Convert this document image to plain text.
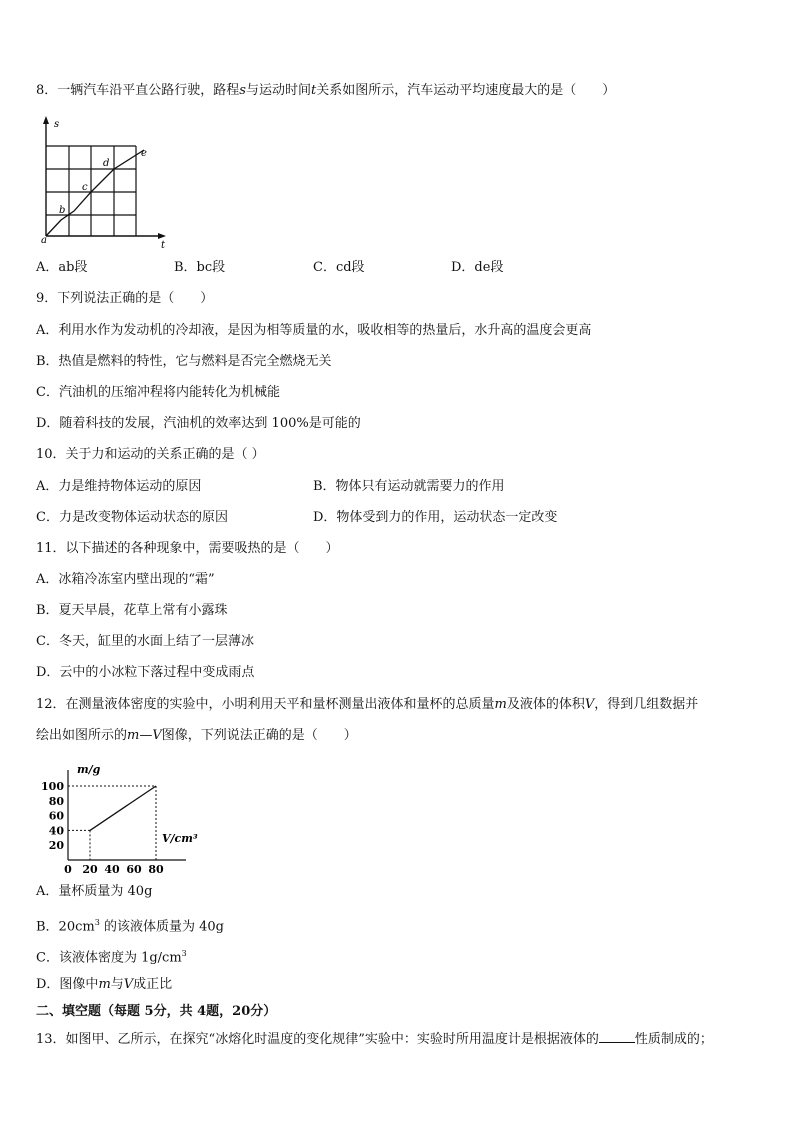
8．一辆汽车沿平直公路行驶，路程s与运动时间t关系如图所示，汽车运动平均速度最大的是（　　）
s
t
a
b
c
d
e
A．ab段	B．bc段	C．cd段	D．de段
9．下列说法正确的是（　　）
A．利用水作为发动机的冷却液，是因为相等质量的水，吸收相等的热量后，水升高的温度会更高
B．热值是燃料的特性，它与燃料是否完全燃烧无关
C．汽油机的压缩冲程将内能转化为机械能
D．随着科技的发展，汽油机的效率达到 100%是可能的
10．关于力和运动的关系正确的是（ ）
A．力是维持物体运动的原因	B．物体只有运动就需要力的作用
C．力是改变物体运动状态的原因	D．物体受到力的作用，运动状态一定改变
11．以下描述的各种现象中，需要吸热的是（　　）
A．冰箱冷冻室内壁出现的“霜”
B．夏天早晨，花草上常有小露珠
C．冬天，缸里的水面上结了一层薄冰
D．云中的小冰粒下落过程中变成雨点
12．在测量液体密度的实验中，小明利用天平和量杯测量出液体和量杯的总质量m及液体的体积V，得到几组数据并
绘出如图所示的m—V图像，下列说法正确的是（　　）
m/g
V/cm³
20
40
60
80
100
0 20 40 60 80
A．量杯质量为 40g
B．$20cm^3$ 的该液体质量为 40g
C．该液体密度为 $1g/cm^3$
D．图像中m与V成正比
二、填空题（每题 5分，共 4题，20分）
13．如图甲、乙所示，在探究“冰熔化时温度的变化规律”实验中：实验时所用温度计是根据液体的	性质制成的；
